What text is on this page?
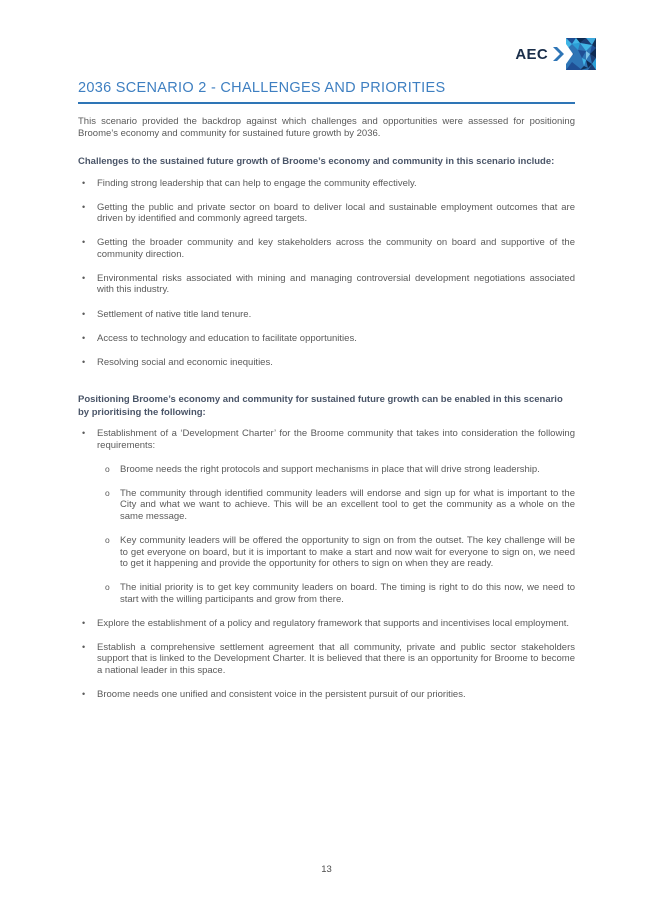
AEC
2036 SCENARIO 2 - CHALLENGES AND PRIORITIES

This scenario provided the backdrop against which challenges and opportunities were assessed for positioning Broome’s economy and community for sustained future growth by 2036.

Challenges to the sustained future growth of Broome’s economy and community in this scenario include:

•	Finding strong leadership that can help to engage the community effectively.
•	Getting the public and private sector on board to deliver local and sustainable employment outcomes that are driven by identified and commonly agreed targets.
•	Getting the broader community and key stakeholders across the community on board and supportive of the community direction.
•	Environmental risks associated with mining and managing controversial development negotiations associated with this industry.
•	Settlement of native title land tenure.
•	Access to technology and education to facilitate opportunities.
•	Resolving social and economic inequities.

Positioning Broome’s economy and community for sustained future growth can be enabled in this scenario by prioritising the following:

•	Establishment of a ‘Development Charter’ for the Broome community that takes into consideration the following requirements:
o	Broome needs the right protocols and support mechanisms in place that will drive strong leadership.
o	The community through identified community leaders will endorse and sign up for what is important to the City and what we want to achieve. This will be an excellent tool to get the community as a whole on the same message.
o	Key community leaders will be offered the opportunity to sign on from the outset. The key challenge will be to get everyone on board, but it is important to make a start and now wait for everyone to sign on, we need to get it happening and provide the opportunity for others to sign on when they are ready.
o	The initial priority is to get key community leaders on board. The timing is right to do this now, we need to start with the willing participants and grow from there.
•	Explore the establishment of a policy and regulatory framework that supports and incentivises local employment.
•	Establish a comprehensive settlement agreement that all community, private and public sector stakeholders support that is linked to the Development Charter. It is believed that there is an opportunity for Broome to become a national leader in this space.
•	Broome needs one unified and consistent voice in the persistent pursuit of our priorities.
13
